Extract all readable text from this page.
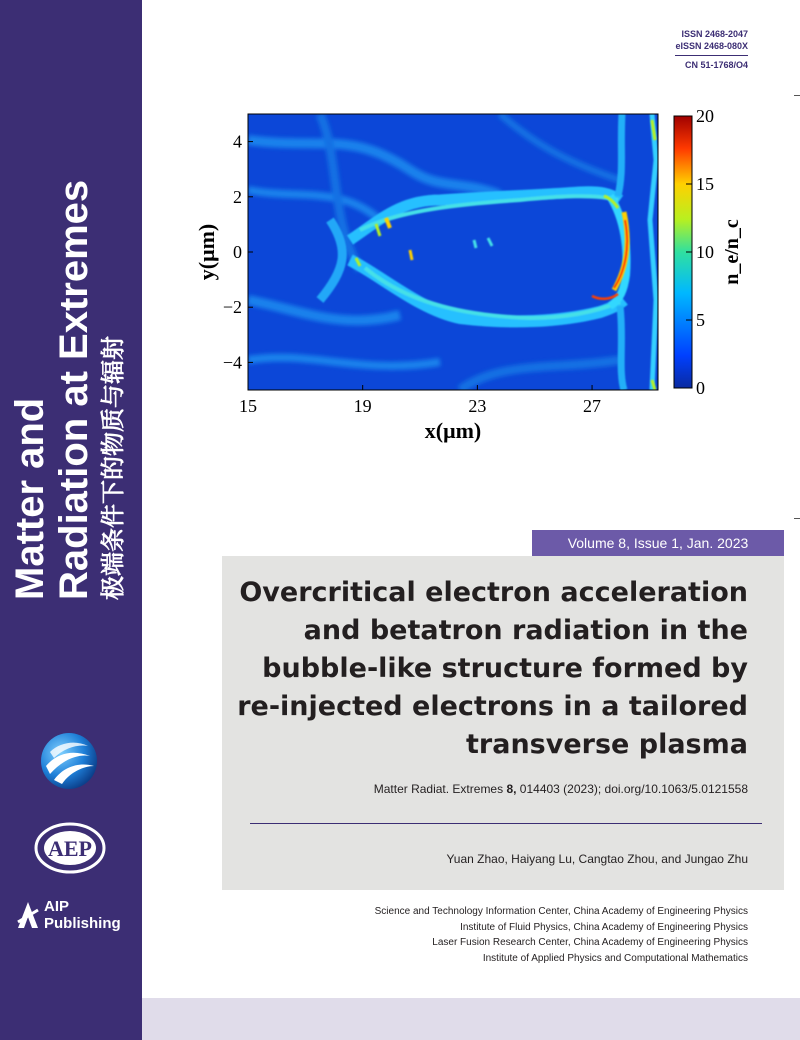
Matter and Radiation at Extremes 极端条件下的物质与辐射
AEP
AIP
Publishing
ISSN 2468-2047
eISSN 2468-080X
CN 51-1768/O4
15	19	23	27
−4
−2
0
2
4
x(μm)
y(μm)
0
5
10
15
20
n_e/n_c
Volume 8, Issue 1, Jan. 2023
Overcritical electron acceleration and betatron radiation in the bubble-like structure formed by re-injected electrons in a tailored transverse plasma
Matter Radiat. Extremes 8, 014403 (2023); doi.org/10.1063/5.0121558
Yuan Zhao, Haiyang Lu, Cangtao Zhou, and Jungao Zhu
Science and Technology Information Center, China Academy of Engineering Physics
Institute of Fluid Physics, China Academy of Engineering Physics
Laser Fusion Research Center, China Academy of Engineering Physics
Institute of Applied Physics and Computational Mathematics
